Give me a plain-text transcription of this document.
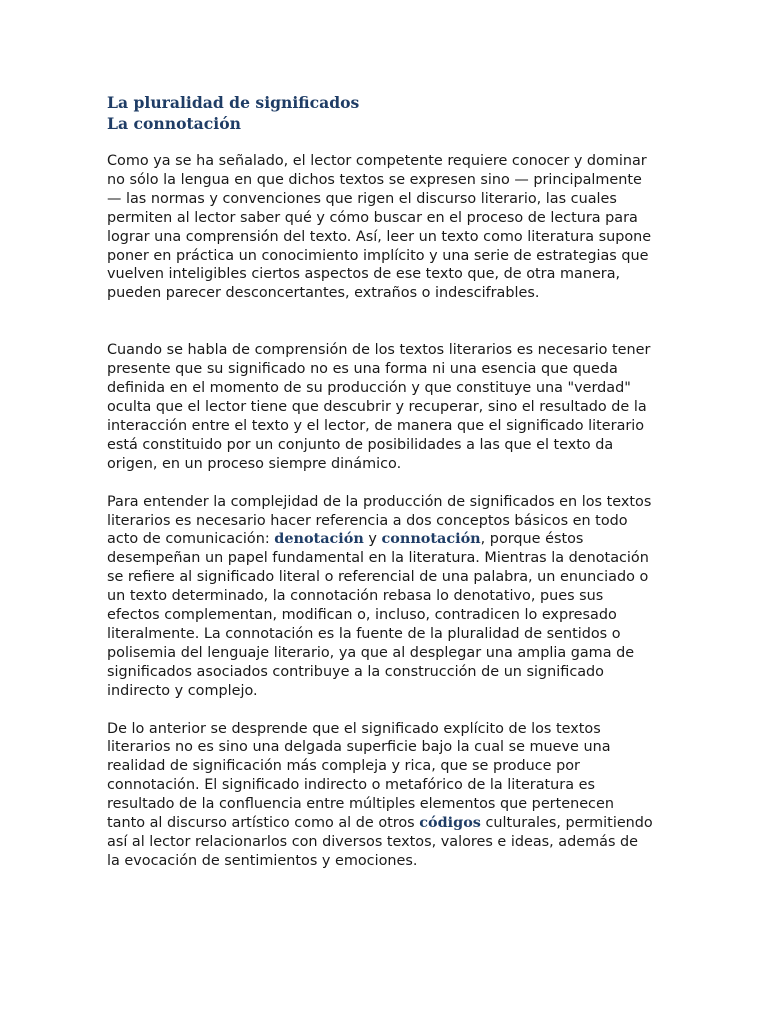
La pluralidad de significados
La connotación

Como ya se ha señalado, el lector competente requiere conocer y dominar no sólo la lengua en que dichos textos se expresen sino — principalmente— las normas y convenciones que rigen el discurso literario, las cuales permiten al lector saber qué y cómo buscar en el proceso de lectura para lograr una comprensión del texto. Así, leer un texto como literatura supone poner en práctica un conocimiento implícito y una serie de estrategias que vuelven inteligibles ciertos aspectos de ese texto que, de otra manera, pueden parecer desconcertantes, extraños o indescifrables.

Cuando se habla de comprensión de los textos literarios es necesario tener presente que su significado no es una forma ni una esencia que queda definida en el momento de su producción y que constituye una "verdad" oculta que el lector tiene que descubrir y recuperar, sino el resultado de la interacción entre el texto y el lector, de manera que el significado literario está constituido por un conjunto de posibilidades a las que el texto da origen, en un proceso siempre dinámico.

Para entender la complejidad de la producción de significados en los textos literarios es necesario hacer referencia a dos conceptos básicos en todo acto de comunicación: denotación y connotación, porque éstos desempeñan un papel fundamental en la literatura. Mientras la denotación se refiere al significado literal o referencial de una palabra, un enunciado o un texto determinado, la connotación rebasa lo denotativo, pues sus efectos complementan, modifican o, incluso, contradicen lo expresado literalmente. La connotación es la fuente de la pluralidad de sentidos o polisemia del lenguaje literario, ya que al desplegar una amplia gama de significados asociados contribuye a la construcción de un significado indirecto y complejo.

De lo anterior se desprende que el significado explícito de los textos literarios no es sino una delgada superficie bajo la cual se mueve una realidad de significación más compleja y rica, que se produce por connotación. El significado indirecto o metafórico de la literatura es resultado de la confluencia entre múltiples elementos que pertenecen tanto al discurso artístico como al de otros códigos culturales, permitiendo así al lector relacionarlos con diversos textos, valores e ideas, además de la evocación de sentimientos y emociones.
